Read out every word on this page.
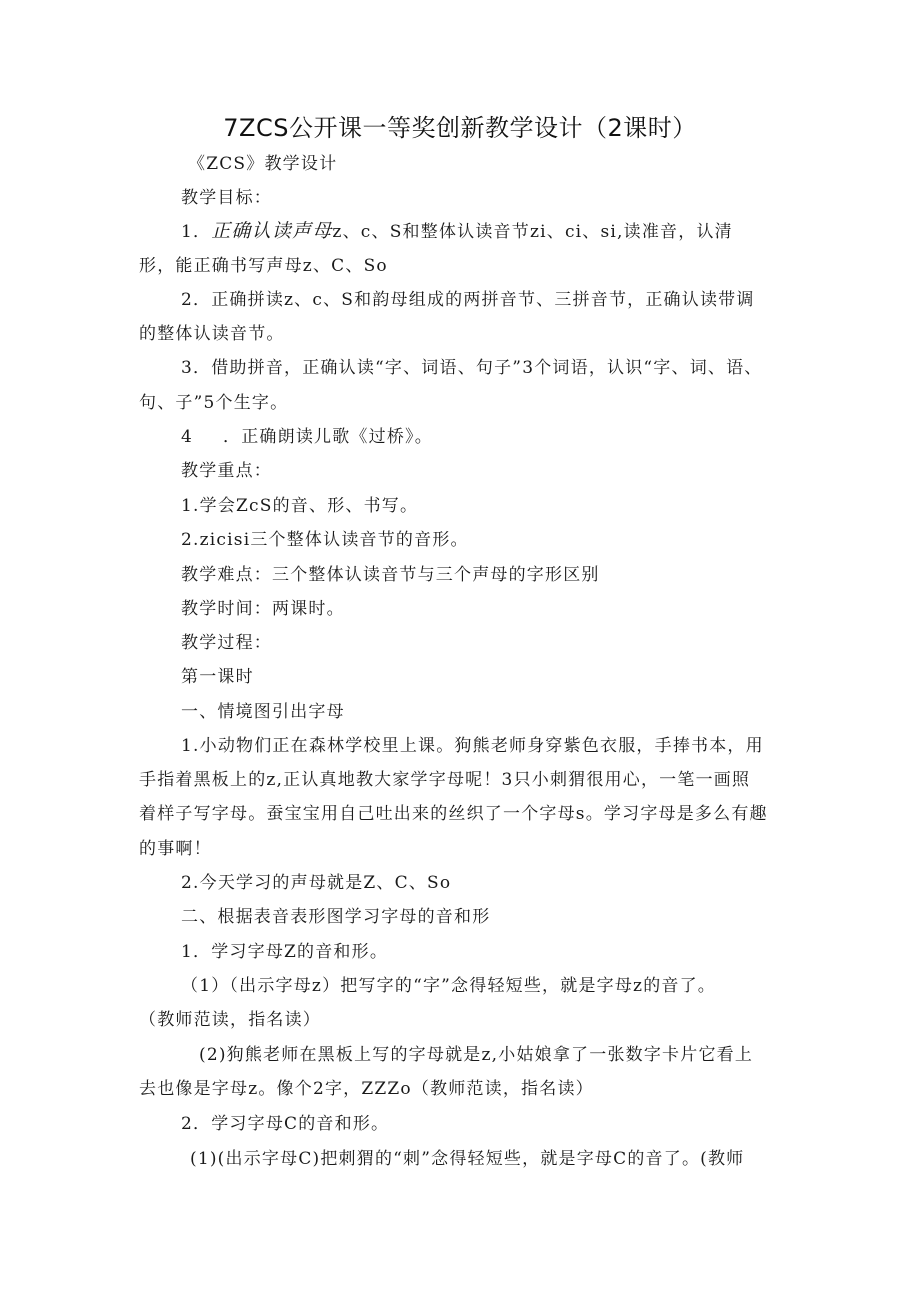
7ZCS公开课一等奖创新教学设计（2课时）
《ZCS》教学设计
教学目标：
1．正确认读声母z、c、S和整体认读音节zi、ci、si,读准音，认清
形，能正确书写声母z、C、So
2．正确拼读z、c、S和韵母组成的两拼音节、三拼音节，正确认读带调
的整体认读音节。
3．借助拼音，正确认读“字、词语、句子”3个词语，认识“字、词、语、
句、子”5个生字。
4 ．正确朗读儿歌《过桥》。
教学重点：
1.学会ZcS的音、形、书写。
2.zicisi三个整体认读音节的音形。
教学难点：三个整体认读音节与三个声母的字形区别
教学时间：两课时。
教学过程：
第一课时
一、情境图引出字母
1.小动物们正在森林学校里上课。狗熊老师身穿紫色衣服，手捧书本，用
手指着黑板上的z,正认真地教大家学字母呢！3只小刺猬很用心，一笔一画照
着样子写字母。蚕宝宝用自己吐出来的丝织了一个字母s。学习字母是多么有趣
的事啊！
2.今天学习的声母就是Z、C、So
二、根据表音表形图学习字母的音和形
1．学习字母Z的音和形。
（1）（出示字母z）把写字的“字”念得轻短些，就是字母z的音了。
（教师范读，指名读）
(2)狗熊老师在黑板上写的字母就是z,小姑娘拿了一张数字卡片它看上
去也像是字母z。像个2字，ZZZo（教师范读，指名读）
2．学习字母C的音和形。
(1)(出示字母C)把刺猬的“刺”念得轻短些，就是字母C的音了。(教师
